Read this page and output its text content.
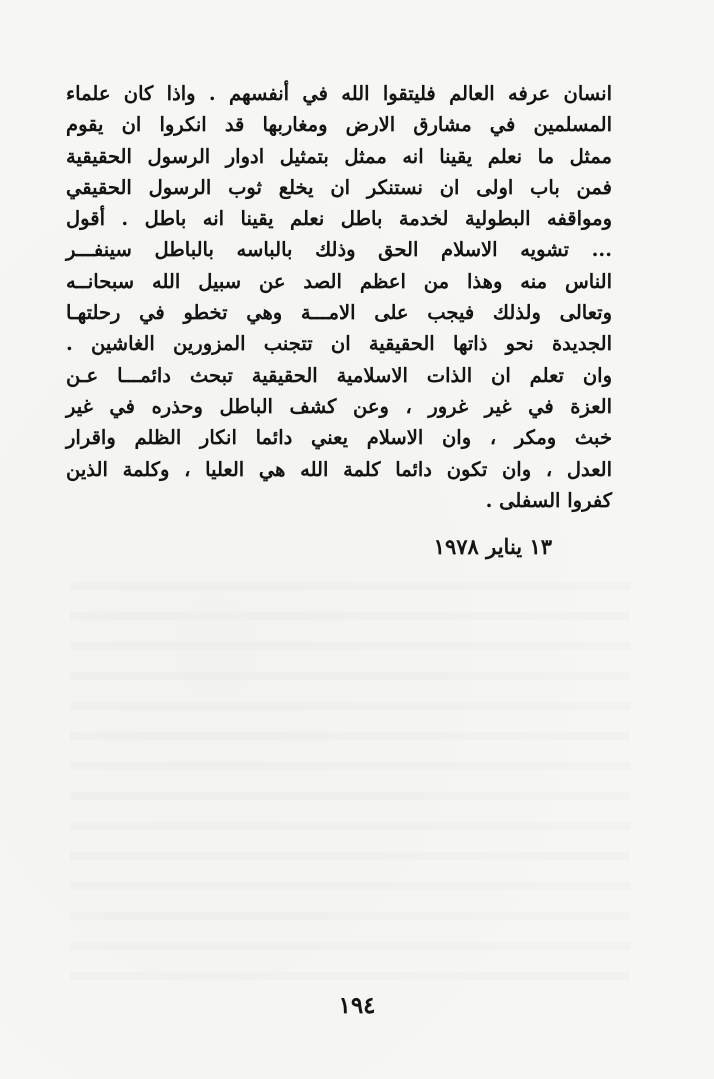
انسان عرفه العالم فليتقوا الله في أنفسهم . واذا كان علماء
المسلمين في مشارق الارض ومغاربها قد انكروا ان يقوم
ممثل ما نعلم يقينا انه ممثل بتمثيل ادوار الرسول الحقيقية
فمن باب اولى ان نستنكر ان يخلع ثوب الرسول الحقيقي
ومواقفه البطولية لخدمة باطل نعلم يقينا انه باطل . أقول
... تشويه الاسلام الحق وذلك بالباسه بالباطل سينفـــر
الناس منه وهذا من اعظم الصد عن سبيل الله سبحانــه
وتعالى ولذلك فيجب على الامـــة وهي تخطو في رحلتهـا
الجديدة نحو ذاتها الحقيقية ان تتجنب المزورين الغاشين .
وان تعلم ان الذات الاسلامية الحقيقية تبحث دائمـــا عـن
العزة في غير غرور ، وعن كشف الباطل وحذره في غير
خبث ومكر ، وان الاسلام يعني دائما انكار الظلم واقرار
العدل ، وان تكون دائما كلمة الله هي العليا ، وكلمة الذين
كفروا السفلى .
١٣ يناير ١٩٧٨
١٩٤
